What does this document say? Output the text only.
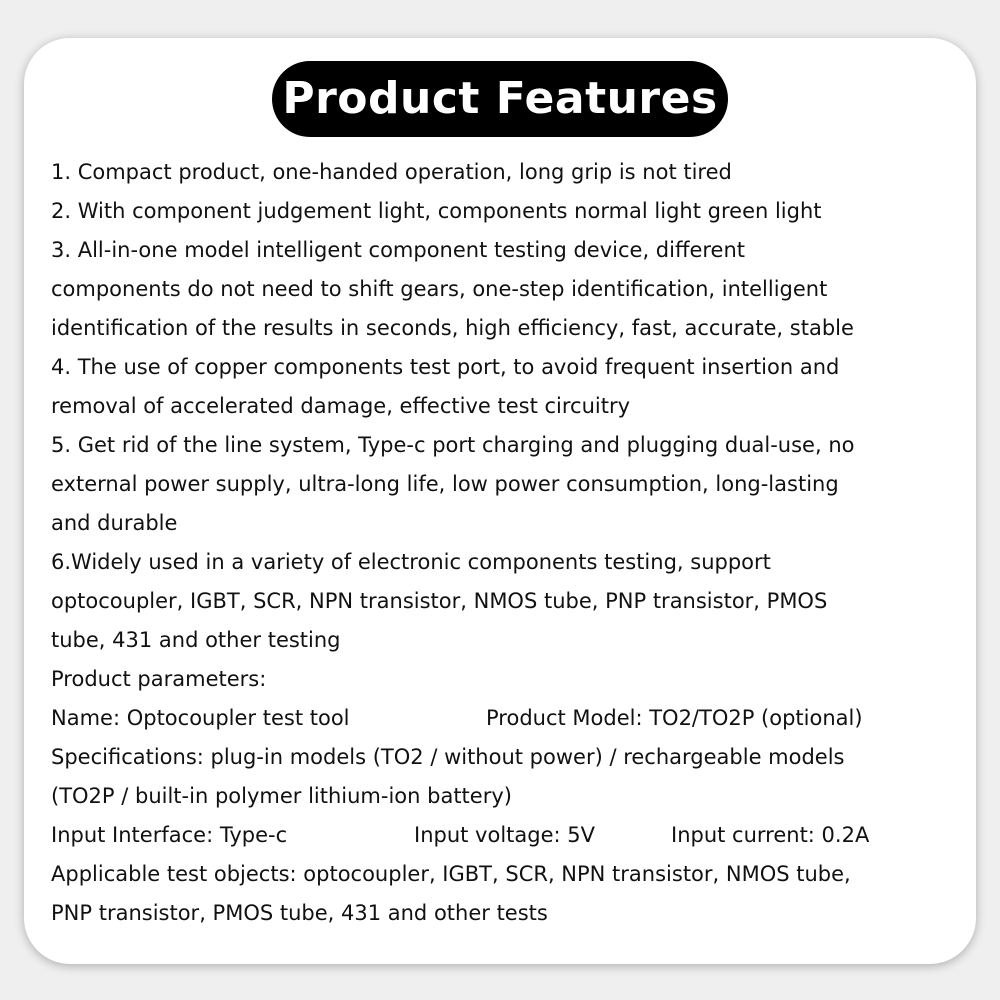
Product Features

1. Compact product, one-handed operation, long grip is not tired

2. With component judgement light, components normal light green light

3. All-in-one model intelligent component testing device, different

components do not need to shift gears, one-step identification, intelligent

identification of the results in seconds, high efficiency, fast, accurate, stable

4. The use of copper components test port, to avoid frequent insertion and

removal of accelerated damage, effective test circuitry

5. Get rid of the line system, Type-c port charging and plugging dual-use, no

external power supply, ultra-long life, low power consumption, long-lasting

and durable

6.Widely used in a variety of electronic components testing, support

optocoupler, IGBT, SCR, NPN transistor, NMOS tube, PNP transistor, PMOS

tube, 431 and other testing

Product parameters:

Name: Optocoupler test tool	Product Model: TO2/TO2P (optional)

Specifications: plug-in models (TO2 / without power) / rechargeable models

(TO2P / built-in polymer lithium-ion battery)

Input Interface: Type-c	Input voltage: 5V	Input current: 0.2A

Applicable test objects: optocoupler, IGBT, SCR, NPN transistor, NMOS tube,

PNP transistor, PMOS tube, 431 and other tests
